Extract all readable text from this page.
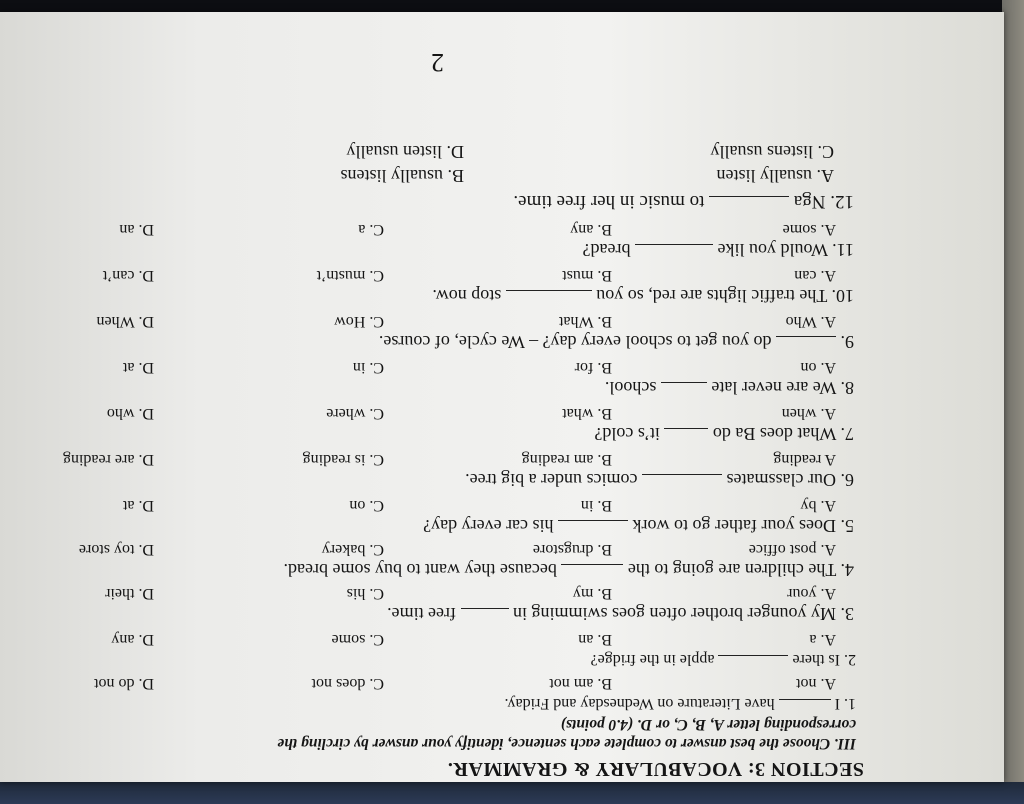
SECTION 3: VOCABULARY & GRAMMAR.
III. Choose the best answer to complete each sentence, identify your answer by circling the
corresponding letter A, B, C, or D. (4.0 points)
1. I  have Literature on Wednesday and Friday.
A. not
B. am not
C. does not
D. do not
2. Is there  apple in the fridge?
A. a
B. an
C. some
D. any
3. My younger brother often goes swimming in  free time.
A. your
B. my
C. his
D. their
4. The children are going to the  because they want to buy some bread.
A. post office
B. drugstore
C. bakery
D. toy store
5. Does your father go to work  his car every day?
A. by
B. in
C. on
D. at
6. Our classmates  comics under a big tree.
A reading
B. am reading
C. is reading
D. are reading
7. What does Ba do  it’s cold?
A. when
B. what
C. where
D. who
8. We are never late  school.
A. on
B. for
C. in
D. at
9.  do you get to school every day? – We cycle, of course.
A. Who
B. What
C. How
D. When
10. The traffic lights are red, so you  stop now.
A. can
B. must
C. mustn’t
D. can’t
11. Would you like  bread?
A. some
B. any
C. a
D. an
12. Nga  to music in her free time.
A. usually listen
B. usually listens
C. listens usually
D. listen usually
2
